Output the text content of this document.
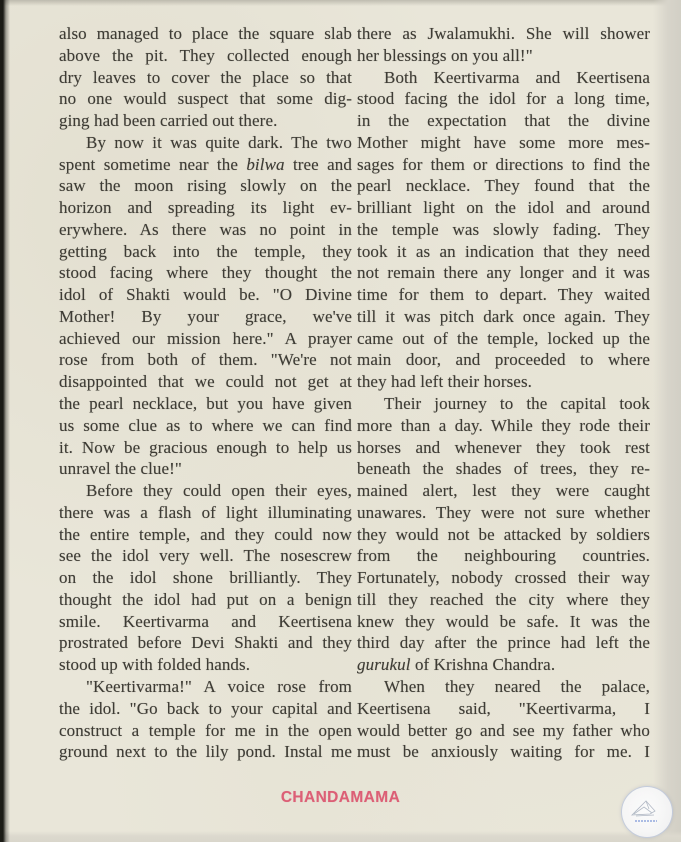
also managed to place the square slab
above the pit. They collected enough
dry leaves to cover the place so that
no one would suspect that some dig-
ging had been carried out there.
By now it was quite dark. The two
spent sometime near the bilwa tree and
saw the moon rising slowly on the
horizon and spreading its light ev-
erywhere. As there was no point in
getting back into the temple, they
stood facing where they thought the
idol of Shakti would be. "O Divine
Mother! By your grace, we've
achieved our mission here." A prayer
rose from both of them. "We're not
disappointed that we could not get at
the pearl necklace, but you have given
us some clue as to where we can find
it. Now be gracious enough to help us
unravel the clue!"
Before they could open their eyes,
there was a flash of light illuminating
the entire temple, and they could now
see the idol very well. The nosescrew
on the idol shone brilliantly. They
thought the idol had put on a benign
smile. Keertivarma and Keertisena
prostrated before Devi Shakti and they
stood up with folded hands.
"Keertivarma!" A voice rose from
the idol. "Go back to your capital and
construct a temple for me in the open
ground next to the lily pond. Instal me
there as Jwalamukhi. She will shower
her blessings on you all!"
Both Keertivarma and Keertisena
stood facing the idol for a long time,
in the expectation that the divine
Mother might have some more mes-
sages for them or directions to find the
pearl necklace. They found that the
brilliant light on the idol and around
the temple was slowly fading. They
took it as an indication that they need
not remain there any longer and it was
time for them to depart. They waited
till it was pitch dark once again. They
came out of the temple, locked up the
main door, and proceeded to where
they had left their horses.
Their journey to the capital took
more than a day. While they rode their
horses and whenever they took rest
beneath the shades of trees, they re-
mained alert, lest they were caught
unawares. They were not sure whether
they would not be attacked by soldiers
from the neighbouring countries.
Fortunately, nobody crossed their way
till they reached the city where they
knew they would be safe. It was the
third day after the prince had left the
gurukul of Krishna Chandra.
When they neared the palace,
Keertisena said, "Keertivarma, I
would better go and see my father who
must be anxiously waiting for me. I
CHANDAMAMA
